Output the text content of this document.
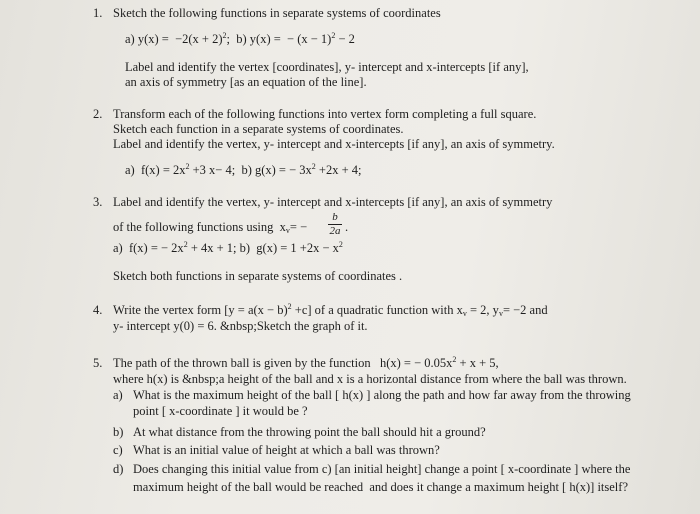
1. Sketch the following functions in separate systems of coordinates
a) $y(x) = -2(x + 2)^2$;  b) y(x) =  − $(x - 1)^2 - 2$
Label and identify the vertex [coordinates], y- intercept and x-intercepts [if any],
an axis of symmetry [as an equation of the line].
2. Transform each of the following functions into vertex form completing a full square.
Sketch each function in a separate systems of coordinates.
Label and identify the vertex, y- intercept and x-intercepts [if any], an axis of symmetry.
a)  $f(x) = 2x^2 +3$ x− 4;  b) g(x) = − $3x^2 +2x + 4$;
3. Label and identify the vertex, y- intercept and x-intercepts [if any], an axis of symmetry
of the following functions using  $x_v=$ −
b
2a .
a)  f(x) = − $2x^2 + 4x + 1$; b)  $g(x) = 1 +2x - x^2$
Sketch both functions in separate systems of coordinates .
4. Write the vertex form $[y = a(x - b)^2 +c]$ of a quadratic function with $x_v = 2$, $y_v= -2$ and
y- intercept y(0) = 6. &nbsp;Sketch the graph of it.
5. The path of the thrown ball is given by the function   h(x) = − $0.05x^2 + x + 5$,
where h(x) is &nbsp;a height of the ball and x is a horizontal distance from where the ball was thrown.
a) What is the maximum height of the ball [ h(x) ] along the path and how far away from the throwing
point [ x-coordinate ] it would be ?
b) At what distance from the throwing point the ball should hit a ground?
c) What is an initial value of height at which a ball was thrown?
d) Does changing this initial value from c) [an initial height] change a point [ x-coordinate ] where the
maximum height of the ball would be reached  and does it change a maximum height [ h(x)] itself?
